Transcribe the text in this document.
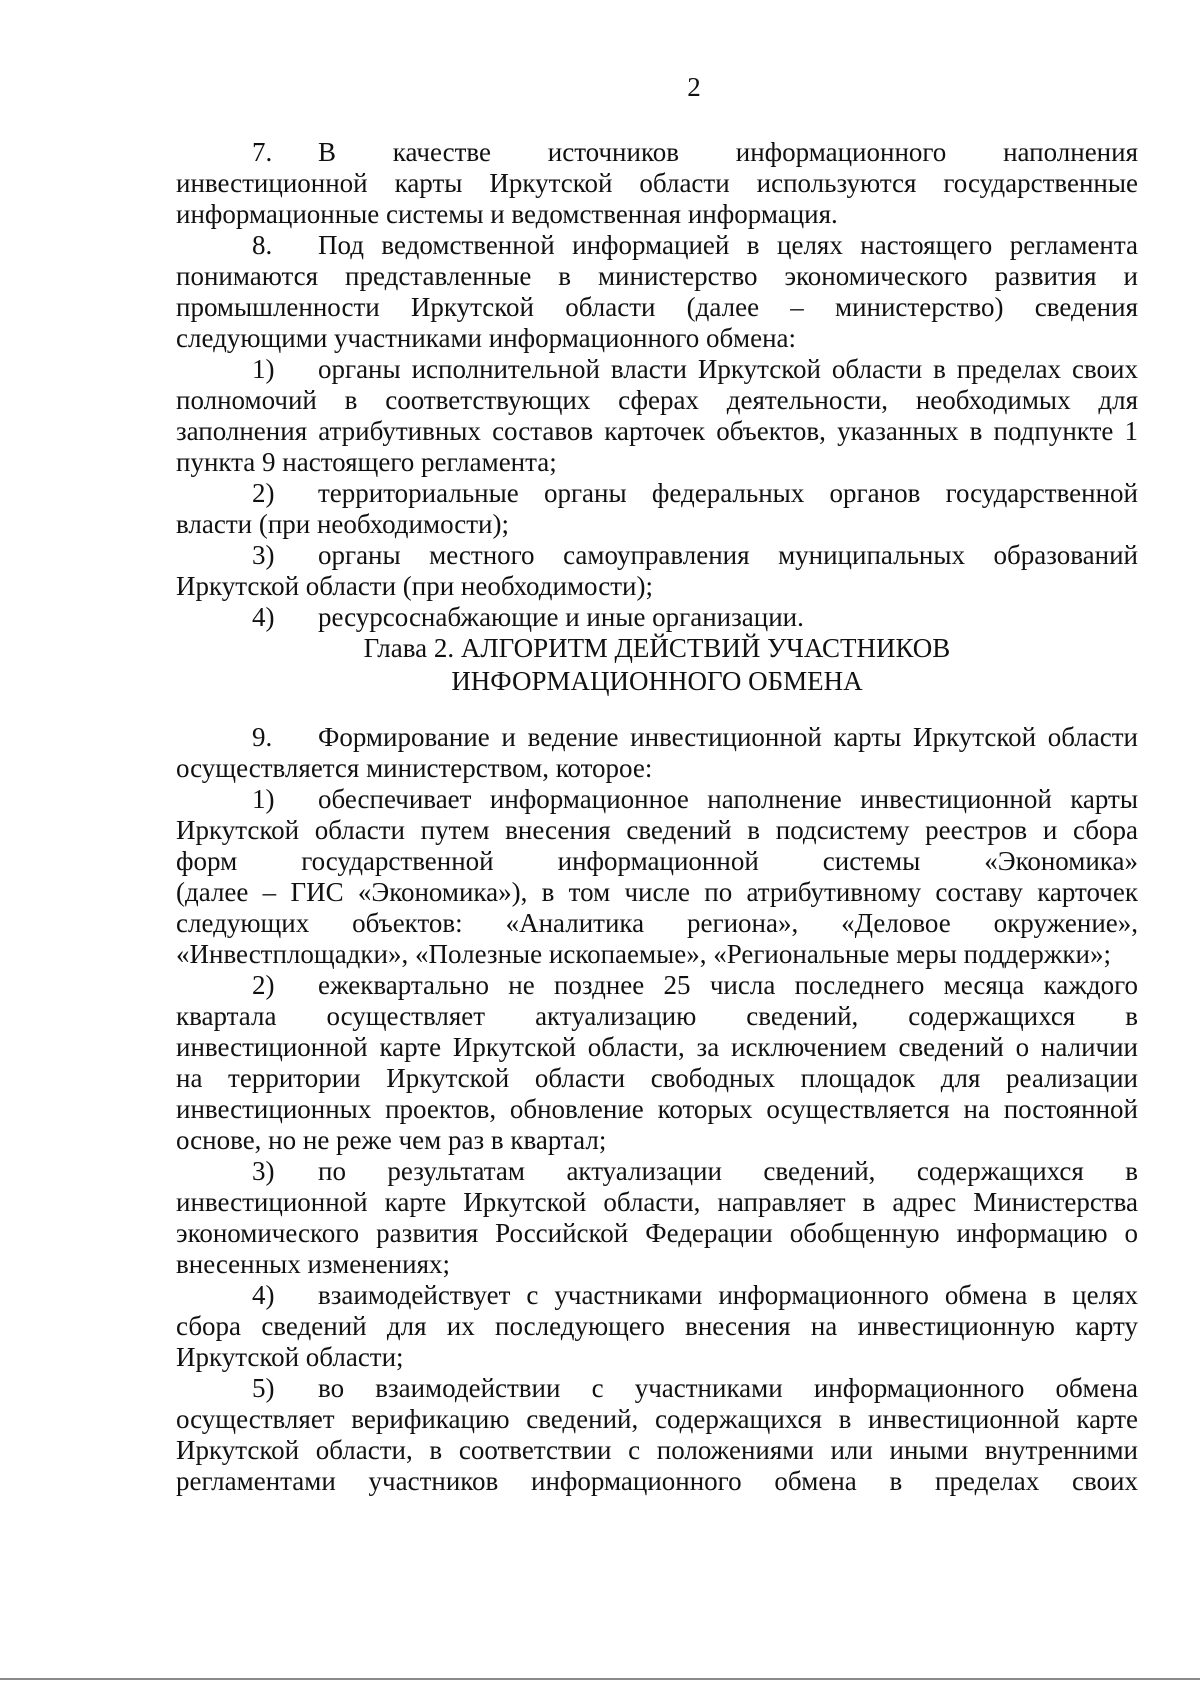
2
7. В качестве источников информационного наполнения
инвестиционной карты Иркутской области используются государственные
информационные системы и ведомственная информация.
8. Под ведомственной информацией в целях настоящего регламента
понимаются представленные в министерство экономического развития и
промышленности Иркутской области (далее – министерство) сведения
следующими участниками информационного обмена:
1) органы исполнительной власти Иркутской области в пределах своих
полномочий в соответствующих сферах деятельности, необходимых для
заполнения атрибутивных составов карточек объектов, указанных в подпункте 1
пункта 9 настоящего регламента;
2) территориальные органы федеральных органов государственной
власти (при необходимости);
3) органы местного самоуправления муниципальных образований
Иркутской области (при необходимости);
4) ресурсоснабжающие и иные организации.
Глава 2. АЛГОРИТМ ДЕЙСТВИЙ УЧАСТНИКОВ
ИНФОРМАЦИОННОГО ОБМЕНА
9. Формирование и ведение инвестиционной карты Иркутской области
осуществляется министерством, которое:
1) обеспечивает информационное наполнение инвестиционной карты
Иркутской области путем внесения сведений в подсистему реестров и сбора
форм государственной информационной системы «Экономика»
(далее – ГИС «Экономика»), в том числе по атрибутивному составу карточек
следующих объектов: «Аналитика региона», «Деловое окружение»,
«Инвестплощадки», «Полезные ископаемые», «Региональные меры поддержки»;
2) ежеквартально не позднее 25 числа последнего месяца каждого
квартала осуществляет актуализацию сведений, содержащихся в
инвестиционной карте Иркутской области, за исключением сведений о наличии
на территории Иркутской области свободных площадок для реализации
инвестиционных проектов, обновление которых осуществляется на постоянной
основе, но не реже чем раз в квартал;
3) по результатам актуализации сведений, содержащихся в
инвестиционной карте Иркутской области, направляет в адрес Министерства
экономического развития Российской Федерации обобщенную информацию о
внесенных изменениях;
4) взаимодействует с участниками информационного обмена в целях
сбора сведений для их последующего внесения на инвестиционную карту
Иркутской области;
5) во взаимодействии с участниками информационного обмена
осуществляет верификацию сведений, содержащихся в инвестиционной карте
Иркутской области, в соответствии с положениями или иными внутренними
регламентами участников информационного обмена в пределах своих
